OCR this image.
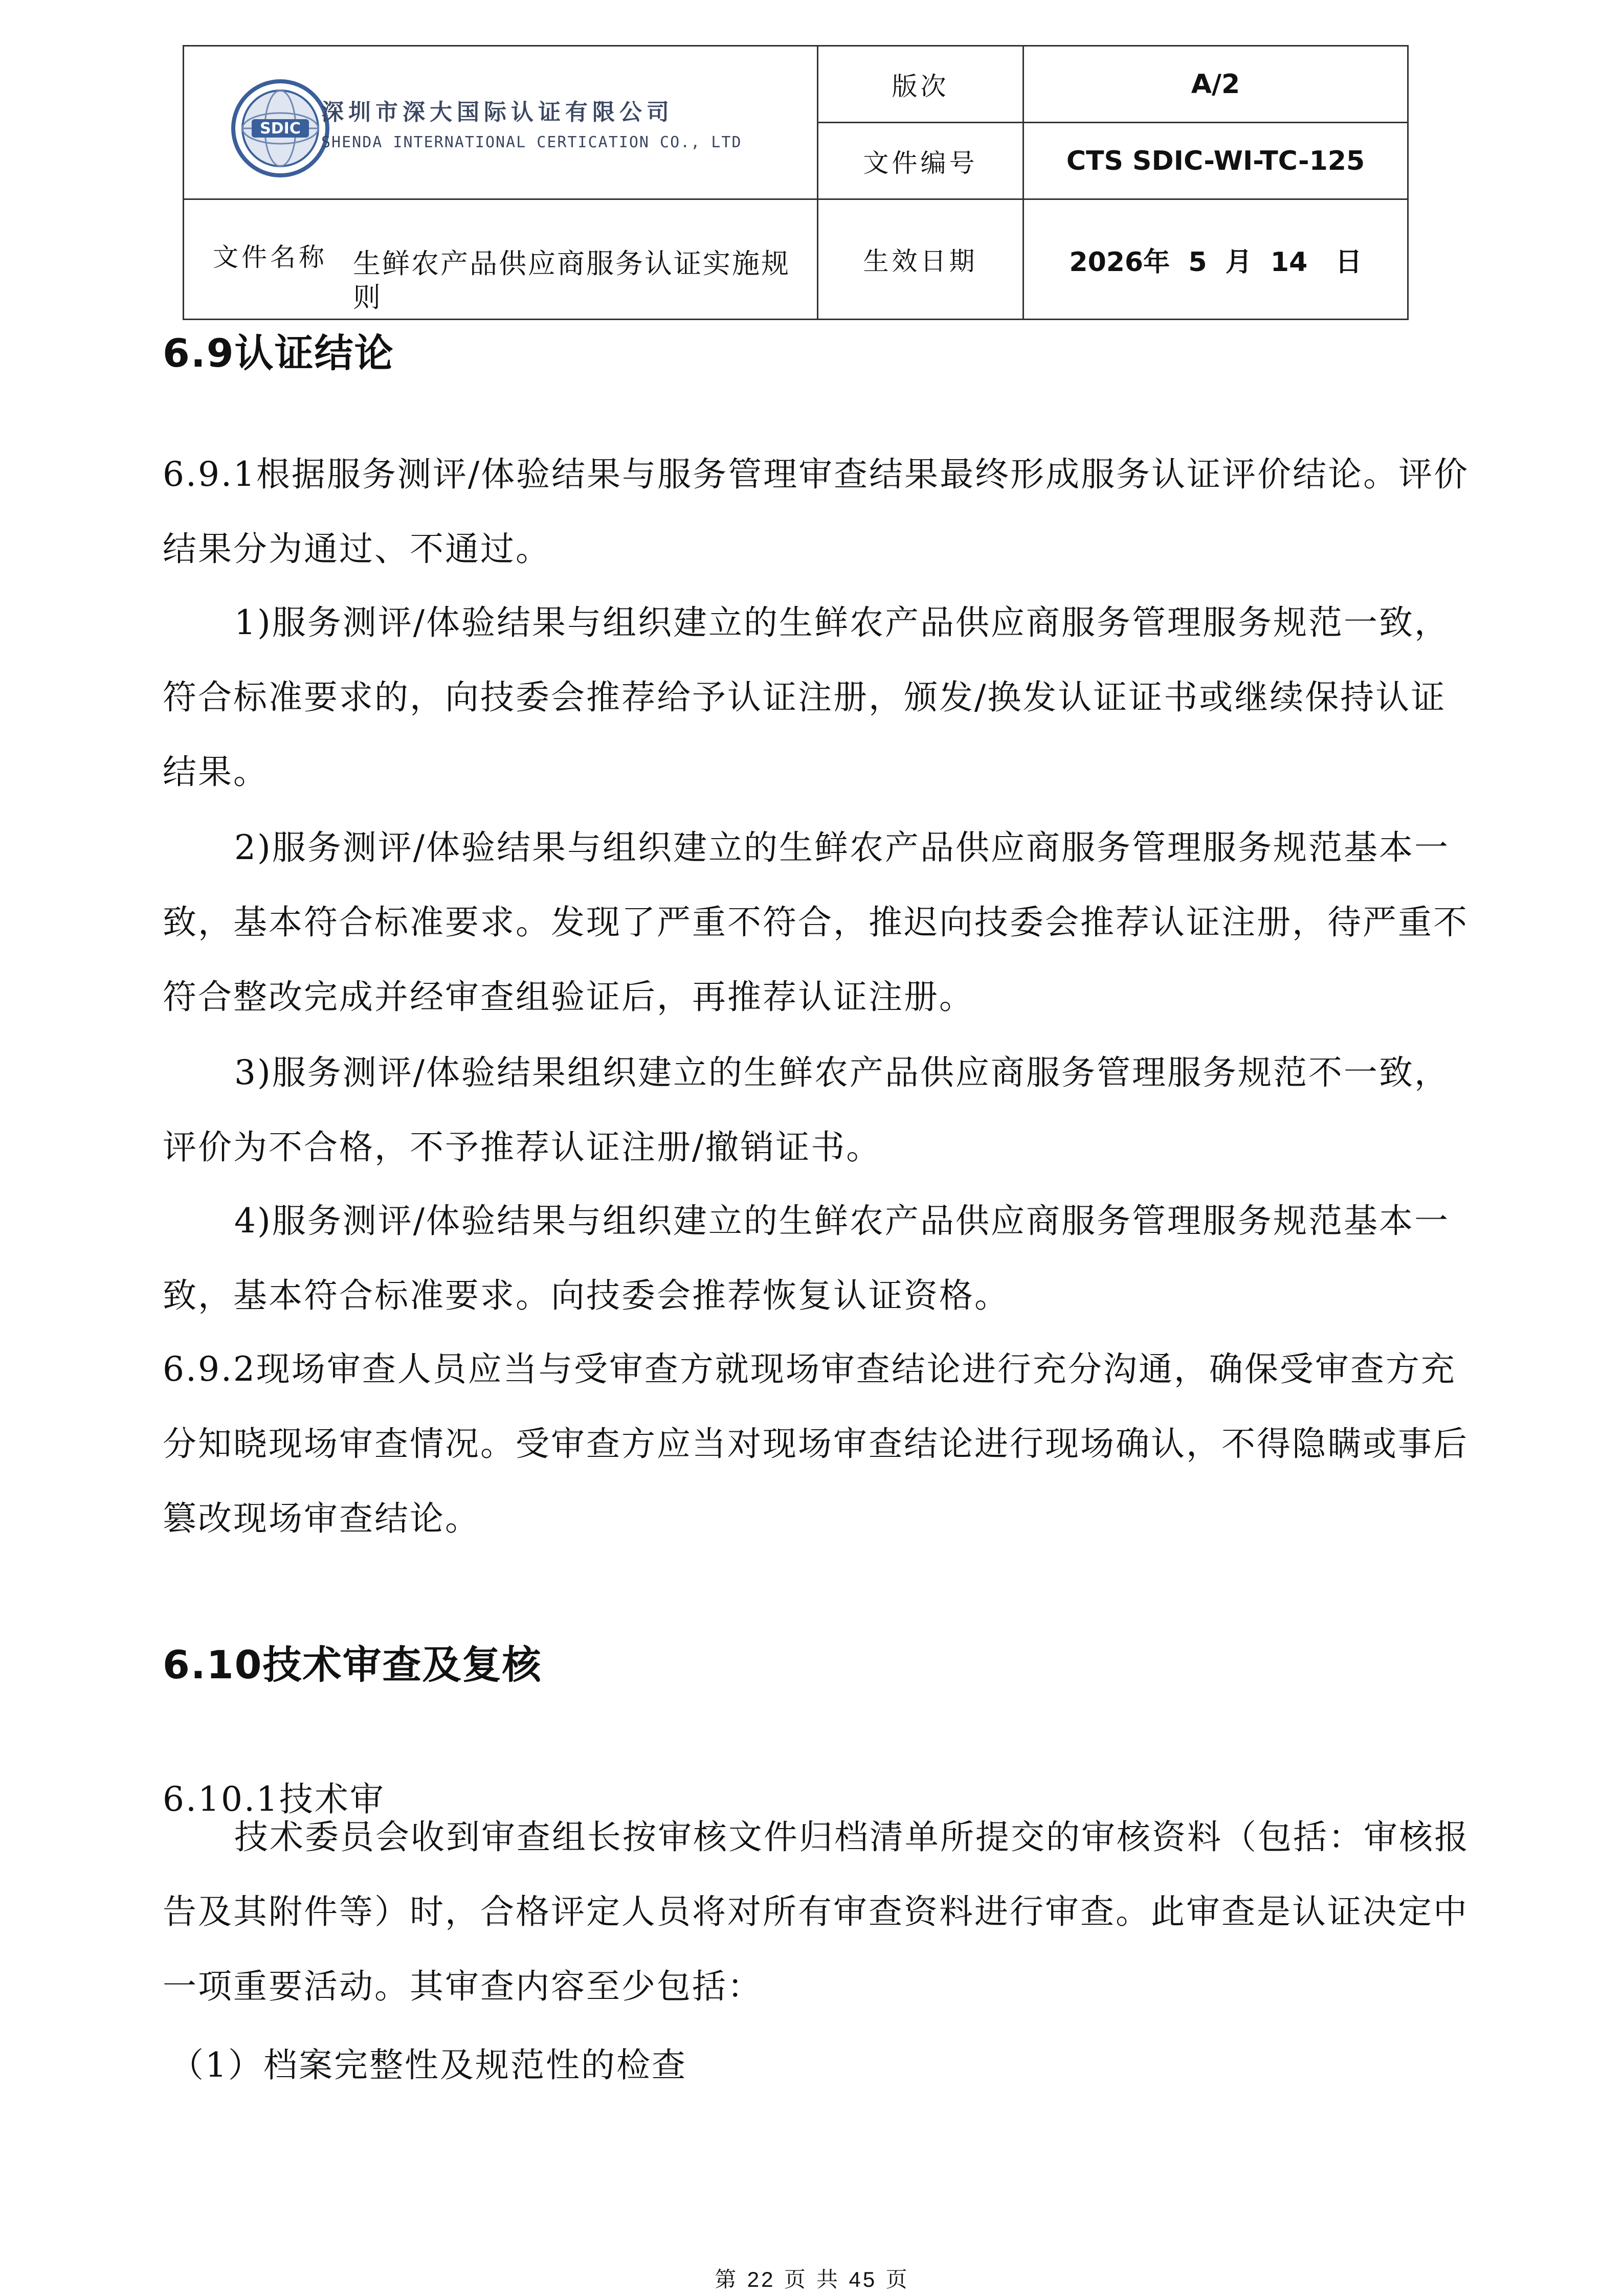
SDIC
深圳市深大国际认证有限公司
SHENDA INTERNATIONAL CERTICATION CO., LTD	版次	A/2
	文件编号	CTS SDIC-WI-TC-125

文件名称 生鲜农产品供应商服务认证实施规则	生效日期	2026年  5  月  14   日
6.9认证结论
6.9.1根据服务测评/体验结果与服务管理审查结果最终形成服务认证评价结论。评价结果分为通过、不通过。
1)服务测评/体验结果与组织建立的生鲜农产品供应商服务管理服务规范一致，符合标准要求的，向技委会推荐给予认证注册，颁发/换发认证证书或继续保持认证结果。
2)服务测评/体验结果与组织建立的生鲜农产品供应商服务管理服务规范基本一致，基本符合标准要求。发现了严重不符合，推迟向技委会推荐认证注册，待严重不符合整改完成并经审查组验证后，再推荐认证注册。
3)服务测评/体验结果组织建立的生鲜农产品供应商服务管理服务规范不一致，评价为不合格，不予推荐认证注册/撤销证书。
4)服务测评/体验结果与组织建立的生鲜农产品供应商服务管理服务规范基本一致，基本符合标准要求。向技委会推荐恢复认证资格。
6.9.2现场审查人员应当与受审查方就现场审查结论进行充分沟通，确保受审查方充分知晓现场审查情况。受审查方应当对现场审查结论进行现场确认，不得隐瞒或事后篡改现场审查结论。
6.10技术审查及复核
6.10.1技术审
技术委员会收到审查组长按审核文件归档清单所提交的审核资料（包括：审核报告及其附件等）时，合格评定人员将对所有审查资料进行审查。此审查是认证决定中一项重要活动。其审查内容至少包括：
（1）档案完整性及规范性的检查
第 22 页 共 45 页
